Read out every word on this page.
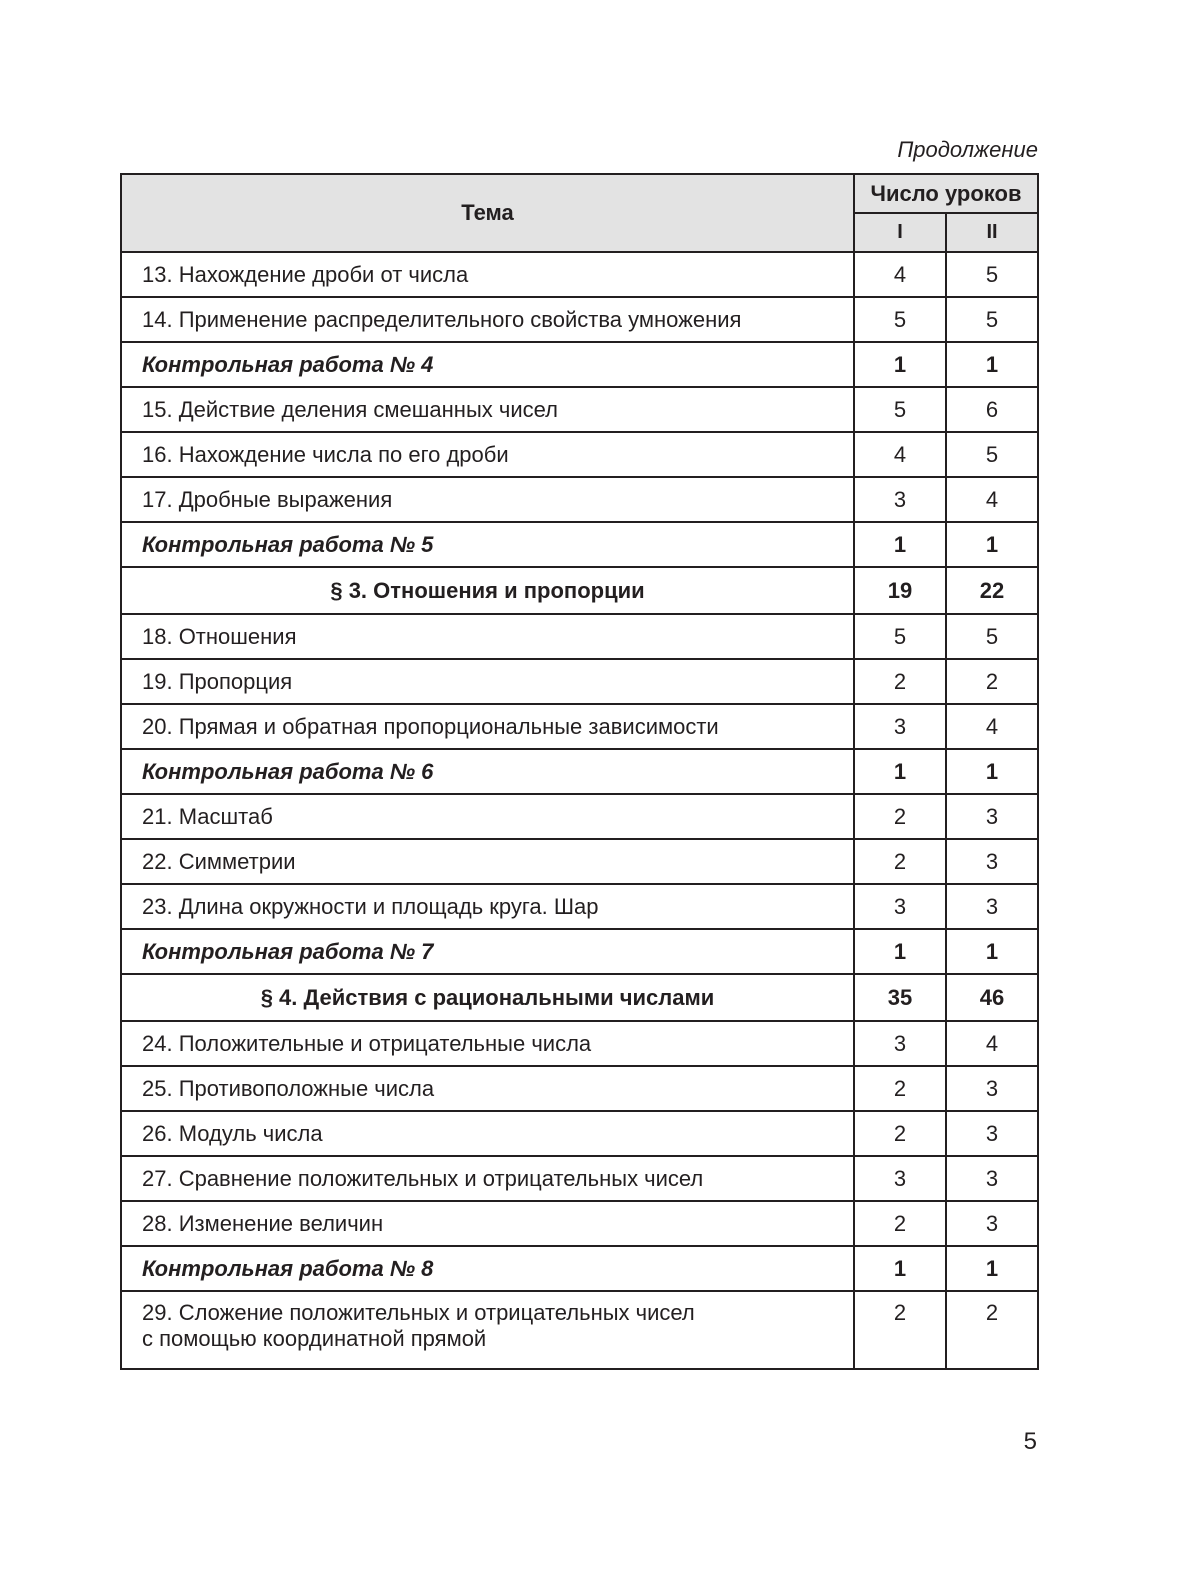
Продолжение
Тема	Число уроков	
	I	II
13. Нахождение дроби от числа	4	5
14. Применение распределительного свойства умножения	5	5
Контрольная работа № 4	1	1
15. Действие деления смешанных чисел	5	6
16. Нахождение числа по его дроби	4	5
17. Дробные выражения	3	4
Контрольная работа № 5	1	1
§ 3. Отношения и пропорции	19	22
18. Отношения	5	5
19. Пропорция	2	2
20. Прямая и обратная пропорциональные зависимости	3	4
Контрольная работа № 6	1	1
21. Масштаб	2	3
22. Симметрии	2	3
23. Длина окружности и площадь круга. Шар	3	3
Контрольная работа № 7	1	1
§ 4. Действия с рациональными числами	35	46
24. Положительные и отрицательные числа	3	4
25. Противоположные числа	2	3
26. Модуль числа	2	3
27. Сравнение положительных и отрицательных чисел	3	3
28. Изменение величин	2	3
Контрольная работа № 8	1	1

29. Сложение положительных и отрицательных чисел
с помощью координатной прямой	2	2
5
